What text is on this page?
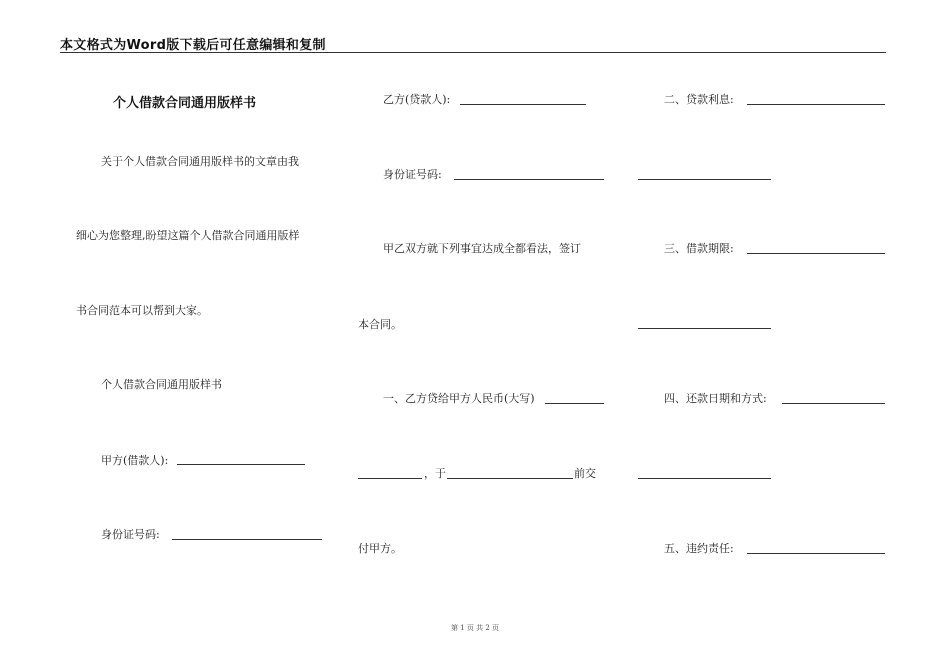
本文格式为Word版下载后可任意编辑和复制
个人借款合同通用版样书
关于个人借款合同通用版样书的文章由我
细心为您整理,盼望这篇个人借款合同通用版样
书合同范本可以帮到大家。
个人借款合同通用版样书
甲方(借款人):
身份证号码:
乙方(贷款人):
身份证号码:
甲乙双方就下列事宜达成全都看法，签订
本合同。
一、乙方贷给甲方人民币(大写)
，于	前交
付甲方。
二、贷款利息:
三、借款期限:
四、还款日期和方式:
五、违约责任:
第 1 页 共 2 页
